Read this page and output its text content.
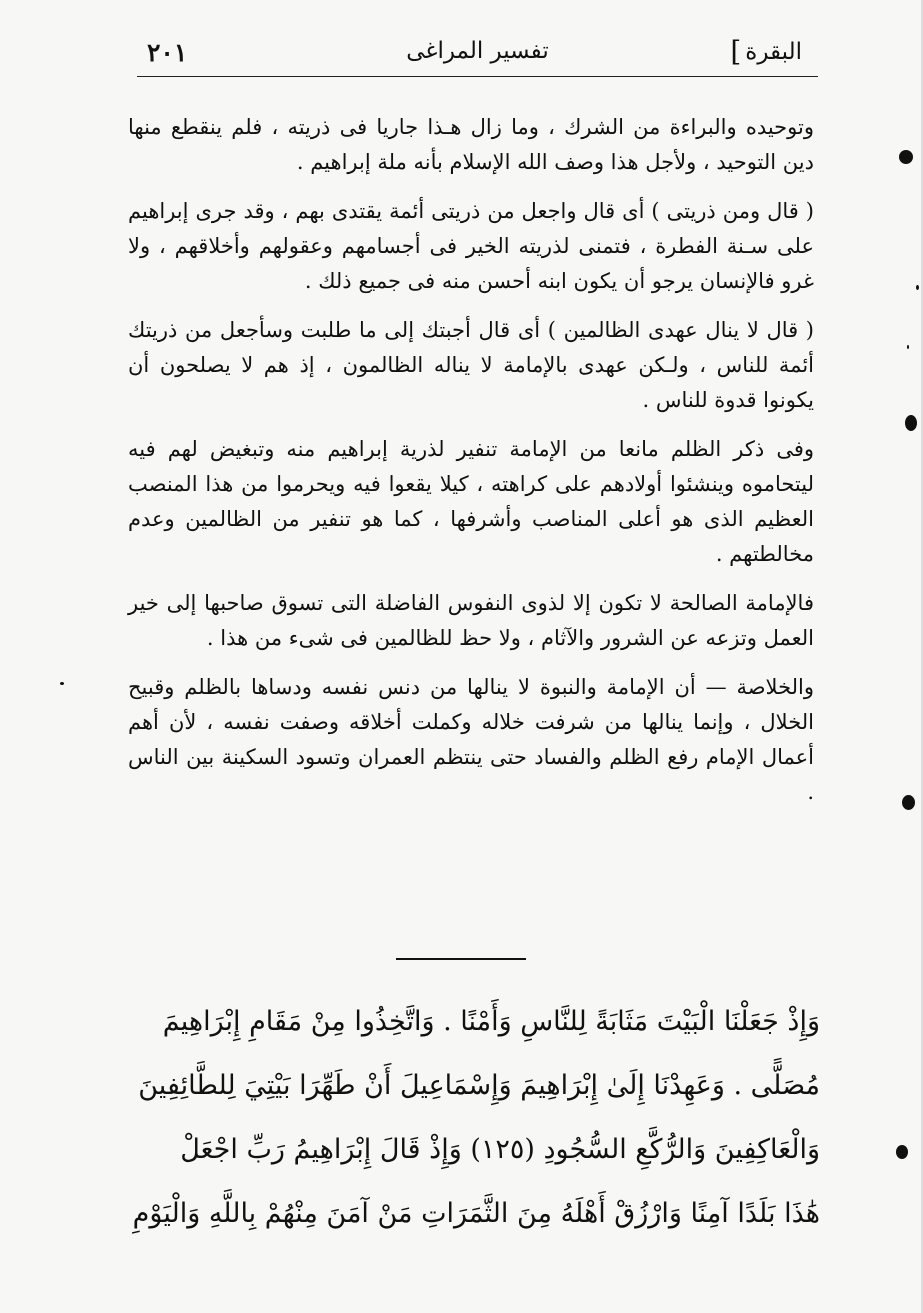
البقرة
]
تفسير المراغى
٢٠١

وتوحيده والبراءة من الشرك ، وما زال هـذا جاريا فى ذريته ، فلم ينقطع منها دين التوحيد ، ولأجل هذا وصف الله الإسلام بأنه ملة إبراهيم .

( قال ومن ذريتى ) أى قال واجعل من ذريتى أئمة يقتدى بهم ، وقد جرى إبراهيم على سـنة الفطرة ، فتمنى لذريته الخير فى أجسامهم وعقولهم وأخلاقهم ، ولا غرو فالإنسان يرجو أن يكون ابنه أحسن منه فى جميع ذلك .

( قال لا ينال عهدى الظالمين ) أى قال أجبتك إلى ما طلبت وسأجعل من ذريتك أئمة للناس ، ولـكن عهدى بالإمامة لا يناله الظالمون ، إذ هم لا يصلحون أن يكونوا قدوة للناس .

وفى ذكر الظلم مانعا من الإمامة تنفير لذرية إبراهيم منه وتبغيض لهم فيه ليتحاموه وينشئوا أولادهم على كراهته ، كيلا يقعوا فيه ويحرموا من هذا المنصب العظيم الذى هو أعلى المناصب وأشرفها ، كما هو تنفير من الظالمين وعدم مخالطتهم .

فالإمامة الصالحة لا تكون إلا لذوى النفوس الفاضلة التى تسوق صاحبها إلى خير العمل وتزعه عن الشرور والآثام ، ولا حظ للظالمين فى شىء من هذا .

والخلاصة — أن الإمامة والنبوة لا ينالها من دنس نفسه ودساها بالظلم وقبيح الخلال ، وإنما ينالها من شرفت خلاله وكملت أخلاقه وصفت نفسه ، لأن أهم أعمال الإمام رفع الظلم والفساد حتى ينتظم العمران وتسود السكينة بين الناس .

وَإِذْ جَعَلْنَا الْبَيْتَ مَثَابَةً لِلنَّاسِ وَأَمْنًا . وَاتَّخِذُوا مِنْ مَقَامِ إِبْرَاهِيمَ
مُصَلًّى . وَعَهِدْنَا إِلَىٰ إِبْرَاهِيمَ وَإِسْمَاعِيلَ أَنْ طَهِّرَا بَيْتِيَ لِلطَّائِفِينَ
وَالْعَاكِفِينَ وَالرُّكَّعِ السُّجُودِ (١٢٥) وَإِذْ قَالَ إِبْرَاهِيمُ رَبِّ اجْعَلْ
هَٰذَا بَلَدًا آمِنًا وَارْزُقْ أَهْلَهُ مِنَ الثَّمَرَاتِ مَنْ آمَنَ مِنْهُمْ بِاللَّهِ وَالْيَوْمِ
